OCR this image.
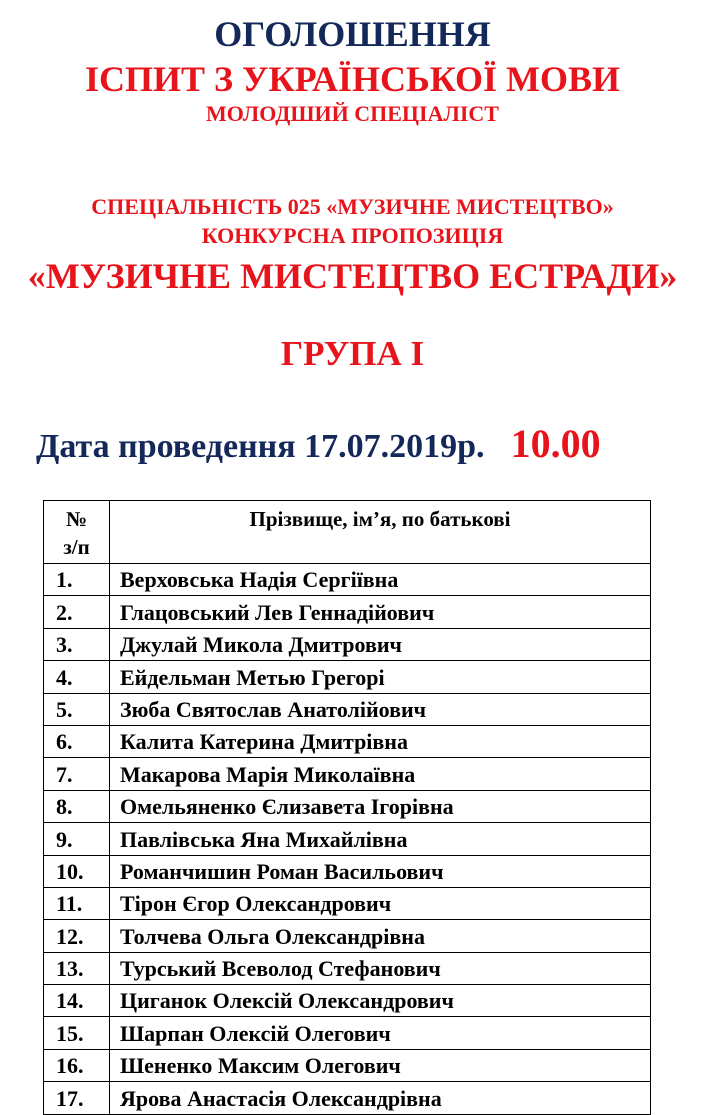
ОГОЛОШЕННЯ
ІСПИТ З УКРАЇНСЬКОЇ МОВИ
МОЛОДШИЙ СПЕЦІАЛІСТ
СПЕЦІАЛЬНІСТЬ 025 «МУЗИЧНЕ МИСТЕЦТВО»
КОНКУРСНА ПРОПОЗИЦІЯ
«МУЗИЧНЕ МИСТЕЦТВО ЕСТРАДИ»
ГРУПА І
Дата проведення 17.07.2019р. 10.00
№ з/п	Прізвище, ім’я, по батькові
1.	Верховська Надія Сергіївна
2.	Глацовський Лев Геннадійович
3.	Джулай Микола Дмитрович
4.	Ейдельман Метью Грегорі
5.	Зюба Святослав Анатолійович
6.	Калита Катерина Дмитрівна
7.	Макарова Марія Миколаївна
8.	Омельяненко Єлизавета Ігорівна
9.	Павлівська Яна Михайлівна
10.	Романчишин Роман Васильович
11.	Тірон Єгор Олександрович
12.	Толчева Ольга Олександрівна
13.	Турський Всеволод Стефанович
14.	Циганок Олексій Олександрович
15.	Шарпан Олексій Олегович
16.	Шененко Максим Олегович
17.	Ярова Анастасія Олександрівна
